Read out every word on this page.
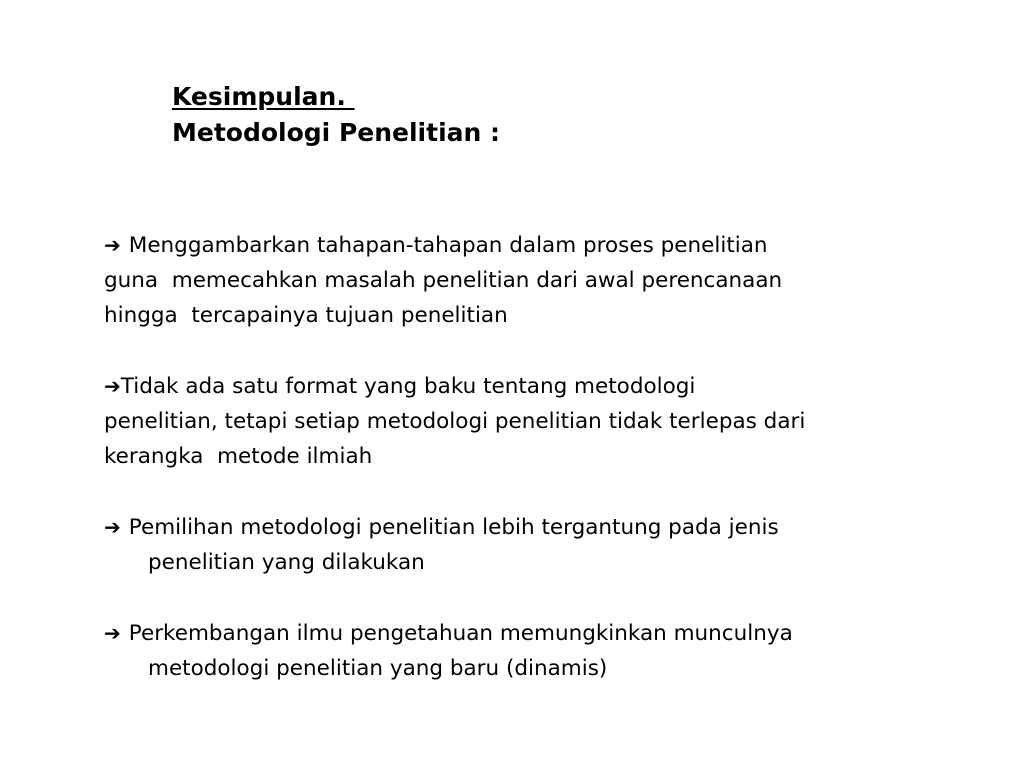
Kesimpulan.
Metodologi Penelitian :
➔ Menggambarkan tahapan-tahapan dalam proses penelitian
guna  memecahkan masalah penelitian dari awal perencanaan
hingga  tercapainya tujuan penelitian
➔Tidak ada satu format yang baku tentang metodologi
penelitian, tetapi setiap metodologi penelitian tidak terlepas dari
kerangka  metode ilmiah
➔ Pemilihan metodologi penelitian lebih tergantung pada jenis
penelitian yang dilakukan
➔ Perkembangan ilmu pengetahuan memungkinkan munculnya
metodologi penelitian yang baru (dinamis)
